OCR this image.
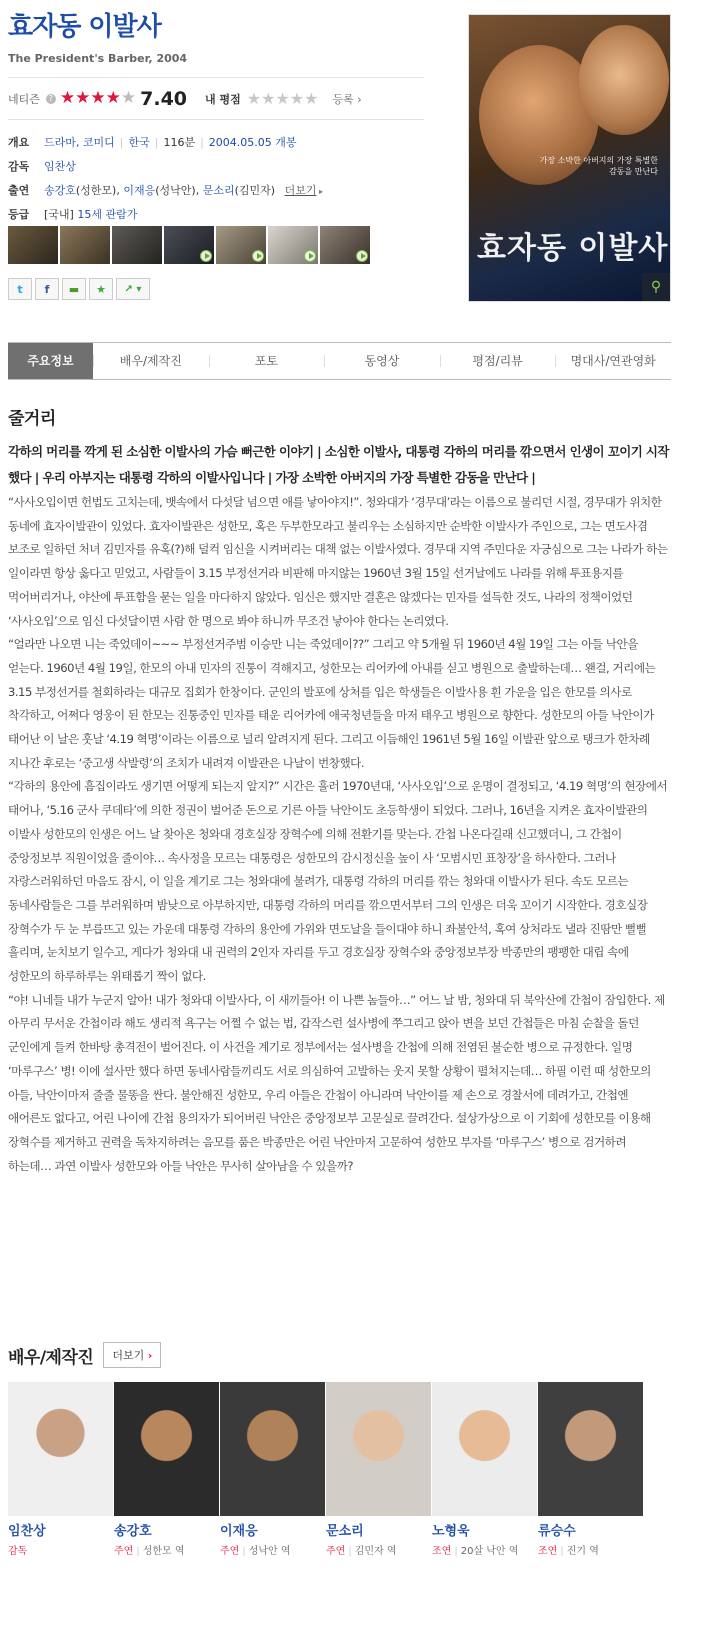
효자동 이발사
The President's Barber, 2004
네티즌	? ★ ★ ★ ★ ★ 7.40 내 평점 ★ ★ ★ ★ ★ 등록 ›
개요	드라마, 코미디 | 한국 | 116분 | 2004.05.05 개봉
감독	임찬상
출연	송강호(성한모), 이재응(성낙안), 문소리(김민자) 더보기 ▸
등급	[국내] 15세 관람가
t f ▬ ★ ↗ ▾
가장 소박한 아버지의 가장 특별한 감동을 만난다
효자동 이발사
⚲
주요정보	배우/제작진	포토	동영상	평점/리뷰	명대사/연관영화
줄거리
각하의 머리를 깍게 된 소심한 이발사의 가슴 뻐근한 이야기 | 소심한 이발사, 대통령 각하의 머리를 깎으면서 인생이 꼬이기 시작했다 | 우리 아부지는 대통령 각하의 이발사입니다 | 가장 소박한 아버지의 가장 특별한 감동을 만난다 |

“사사오입이면 헌법도 고치는데, 뱃속에서 다섯달 넘으면 애를 낳아야지!”. 청와대가 ‘경무대’라는 이름으로 불리던 시절, 경무대가 위치한 동네에 효자이발관이 있었다. 효자이발관은 성한모, 혹은 두부한모라고 불리우는 소심하지만 순박한 이발사가 주인으로, 그는 면도사겸 보조로 일하던 처녀 김민자를 유혹(?)해 덜컥 임신을 시켜버리는 대책 없는 이발사였다. 경무대 지역 주민다운 자긍심으로 그는 나라가 하는 일이라면 항상 옳다고 믿었고, 사람들이 3.15 부정선거라 비판해 마지않는 1960년 3월 15일 선거날에도 나라를 위해 투표용지를 먹어버리거나, 야산에 투표함을 묻는 일을 마다하지 않았다. 임신은 했지만 결혼은 않겠다는 민자를 설득한 것도, 나라의 정책이었던 ‘사사오입’으로 임신 다섯달이면 사람 한 명으로 봐야 하니까 무조건 낳아야 한다는 논리였다.

“얼라만 나오면 니는 죽었데이~~~ 부정선거주범 이승만 니는 죽었데이??” 그리고 약 5개월 뒤 1960년 4월 19일 그는 아들 낙안을 얻는다. 1960년 4월 19일, 한모의 아내 민자의 진통이 격해지고, 성한모는 리어카에 아내를 싣고 병원으로 출발하는데… 왠걸, 거리에는 3.15 부정선거를 철회하라는 대규모 집회가 한창이다. 군인의 발포에 상처를 입은 학생들은 이발사용 흰 가운을 입은 한모를 의사로 착각하고, 어쩌다 영웅이 된 한모는 진통중인 민자를 태운 리어카에 애국청년들을 마저 태우고 병원으로 향한다. 성한모의 아들 낙안이가 태어난 이 날은 훗날 ‘4.19 혁명’이라는 이름으로 널리 알려지게 된다. 그리고 이듬해인 1961년 5월 16일 이발관 앞으로 탱크가 한차례 지나간 후로는 ‘중고생 삭발령’의 조치가 내려져 이발관은 나날이 번창했다.

“각하의 용안에 흠집이라도 생기면 어떻게 되는지 알지?” 시간은 흘러 1970년대, ‘사사오입’으로 운명이 결정되고, ‘4.19 혁명’의 현장에서 태어나, ‘5.16 군사 쿠데타’에 의한 정권이 벌어준 돈으로 기른 아들 낙안이도 초등학생이 되었다. 그러나, 16년을 지켜온 효자이발관의 이발사 성한모의 인생은 어느 날 찾아온 청와대 경호실장 장혁수에 의해 전환기를 맞는다. 간첩 나온다길래 신고했더니, 그 간첩이 중앙정보부 직원이었을 줄이야… 속사정을 모르는 대통령은 성한모의 감시정신을 높이 사 ‘모범시민 표창장’을 하사한다. 그러나 자랑스러워하던 마음도 잠시, 이 일을 계기로 그는 청와대에 불려가, 대통령 각하의 머리를 깎는 청와대 이발사가 된다. 속도 모르는 동네사람들은 그를 부러워하며 밤낮으로 아부하지만, 대통령 각하의 머리를 깎으면서부터 그의 인생은 더욱 꼬이기 시작한다. 경호실장 장혁수가 두 눈 부릅뜨고 있는 가운데 대통령 각하의 용안에 가위와 면도날을 들이대야 하니 좌불안석, 혹여 상처라도 낼라 진땀만 뻘뻘 흘리며, 눈치보기 일수고, 게다가 청와대 내 권력의 2인자 자리를 두고 경호실장 장혁수와 중앙정보부장 박종만의 팽팽한 대립 속에 성한모의 하루하루는 위태롭기 짝이 없다.

“야! 니네들 내가 누군지 알아! 내가 청와대 이발사다, 이 새끼들아! 이 나쁜 놈들아…” 어느 날 밤, 청와대 뒤 북악산에 간첩이 잠입한다. 제 아무리 무서운 간첩이라 해도 생리적 욕구는 어쩔 수 없는 법, 갑작스런 설사병에 쭈그리고 앉아 변을 보던 간첩들은 마침 순찰을 돌던 군인에게 들켜 한바탕 총격전이 벌어진다. 이 사건을 계기로 정부에서는 설사병을 간첩에 의해 전염된 불순한 병으로 규정한다. 일명 ‘마루구스’ 병! 이에 설사만 했다 하면 동네사람들끼리도 서로 의심하여 고발하는 웃지 못할 상황이 펼쳐지는데… 하필 이런 때 성한모의 아들, 낙안이마저 줄줄 물똥을 싼다. 불안해진 성한모, 우리 아들은 간첩이 아니라며 낙안이를 제 손으로 경찰서에 데려가고, 간첩엔 애어른도 없다고, 어린 나이에 간첩 용의자가 되어버린 낙안은 중앙정보부 고문실로 끌려간다. 설상가상으로 이 기회에 성한모를 이용해 장혁수를 제거하고 권력을 독차지하려는 음모를 품은 박종만은 어린 낙안마저 고문하여 성한모 부자를 ‘마루구스’ 병으로 검거하려 하는데… 과연 이발사 성한모와 아들 낙안은 무사히 살아남을 수 있을까?

배우/제작진	더보기 ›
임찬상
감독
송강호
주연 | 성한모 역
이재응
주연 | 성낙안 역
문소리
주연 | 김민자 역
노형욱
조연 | 20살 낙안 역
류승수
조연 | 진기 역
